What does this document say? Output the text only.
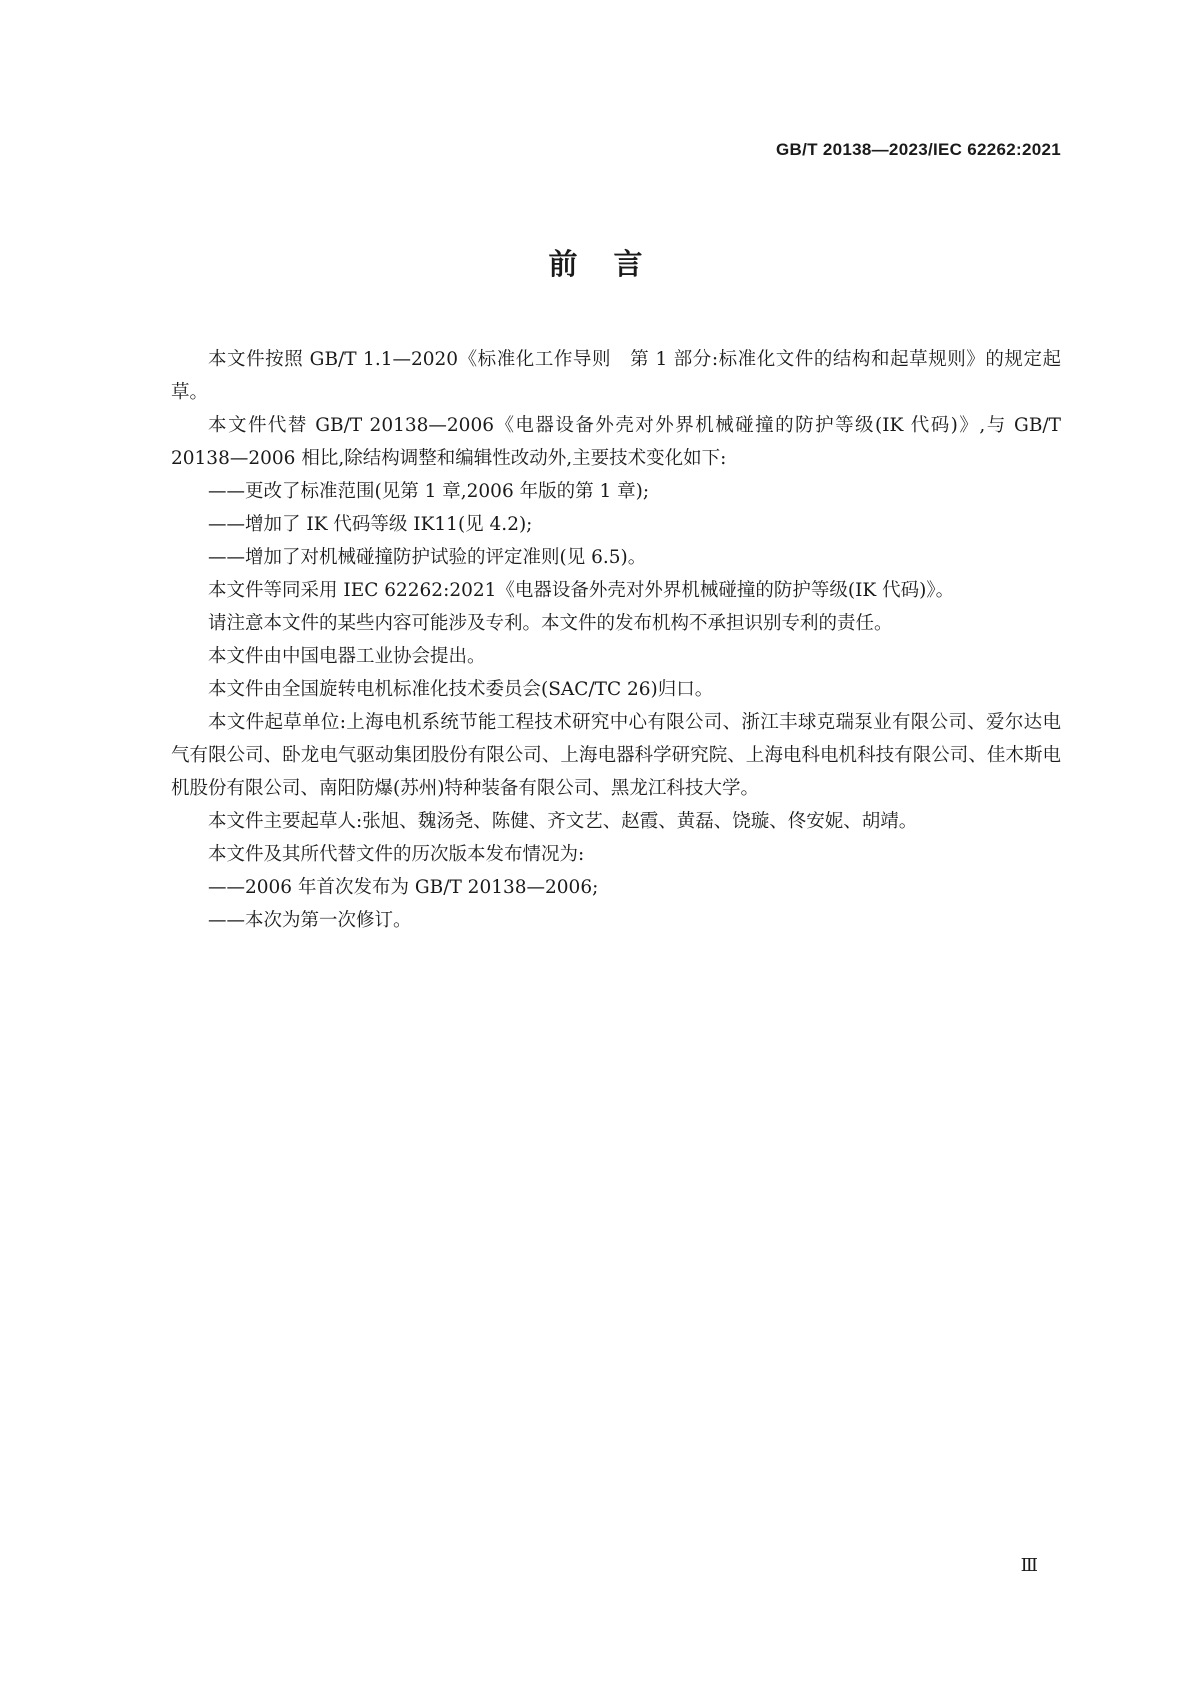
GB/T 20138—2023/IEC 62262:2021
前言

本文件按照 GB/T 1.1—2020《标准化工作导则　第 1 部分:标准化文件的结构和起草规则》的规定起草。

本文件代替 GB/T 20138—2006《电器设备外壳对外界机械碰撞的防护等级(IK 代码)》,与 GB/T 20138—2006 相比,除结构调整和编辑性改动外,主要技术变化如下:

——更改了标准范围(见第 1 章,2006 年版的第 1 章);

——增加了 IK 代码等级 IK11(见 4.2);

——增加了对机械碰撞防护试验的评定准则(见 6.5)。

本文件等同采用 IEC 62262:2021《电器设备外壳对外界机械碰撞的防护等级(IK 代码)》。

请注意本文件的某些内容可能涉及专利。本文件的发布机构不承担识别专利的责任。

本文件由中国电器工业协会提出。

本文件由全国旋转电机标准化技术委员会(SAC/TC 26)归口。

本文件起草单位:上海电机系统节能工程技术研究中心有限公司、浙江丰球克瑞泵业有限公司、爱尔达电气有限公司、卧龙电气驱动集团股份有限公司、上海电器科学研究院、上海电科电机科技有限公司、佳木斯电机股份有限公司、南阳防爆(苏州)特种装备有限公司、黑龙江科技大学。

本文件主要起草人:张旭、魏汤尧、陈健、齐文艺、赵霞、黄磊、饶璇、佟安妮、胡靖。

本文件及其所代替文件的历次版本发布情况为:

——2006 年首次发布为 GB/T 20138—2006;

——本次为第一次修订。

Ⅲ
